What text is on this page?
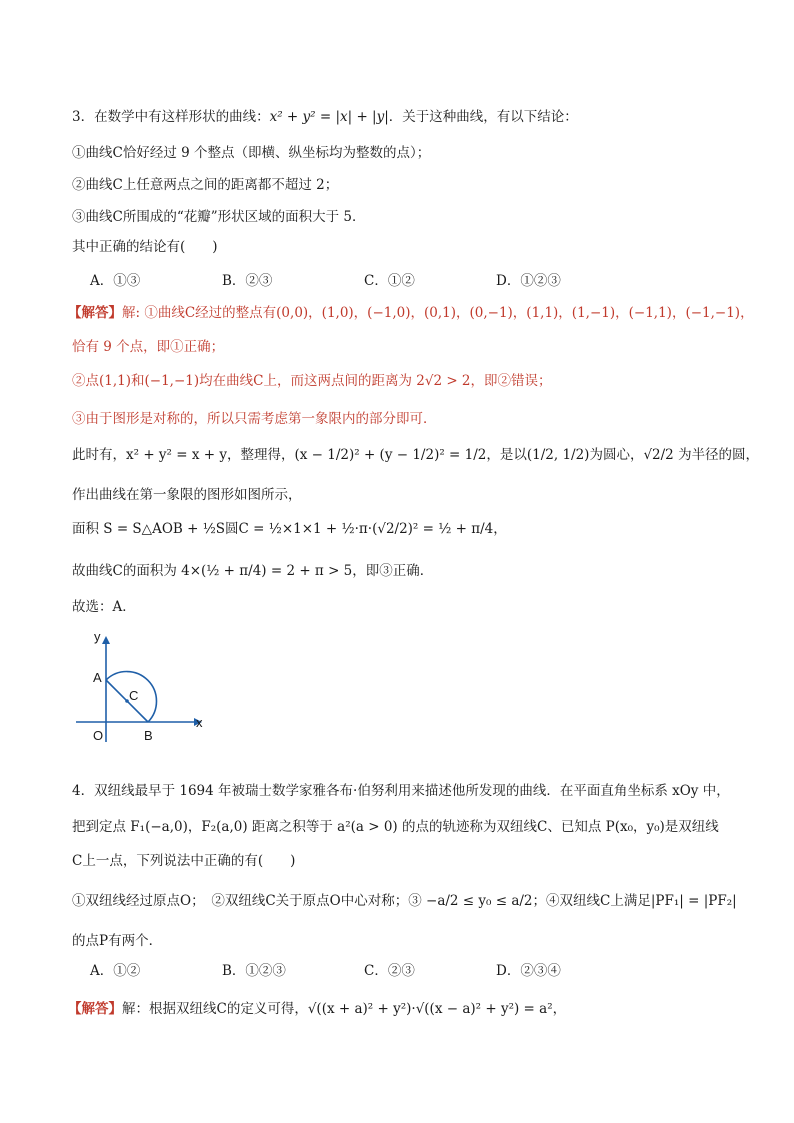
3．在数学中有这样形状的曲线：x² + y² = |x| + |y|．关于这种曲线，有以下结论：
①曲线C恰好经过 9 个整点（即横、纵坐标均为整数的点）；
②曲线C上任意两点之间的距离都不超过 2；
③曲线C所围成的“花瓣”形状区域的面积大于 5．
其中正确的结论有(　　)
A．①③	B．②③	C．①②	D．①②③
【解答】解: ①曲线C经过的整点有(0,0)，(1,0)，(−1,0)，(0,1)，(0,−1)，(1,1)，(1,−1)，(−1,1)，(−1,−1)，
恰有 9 个点，即①正确；
②点(1,1)和(−1,−1)均在曲线C上，而这两点间的距离为 2√2 > 2，即②错误；
③由于图形是对称的，所以只需考虑第一象限内的部分即可．
此时有，x² + y² = x + y，整理得，(x − 1/2)² + (y − 1/2)² = 1/2，是以(1/2, 1/2)为圆心，√2/2 为半径的圆，
作出曲线在第一象限的图形如图所示，
面积 S = S△AOB + ½S圆C = ½×1×1 + ½·π·(√2/2)² = ½ + π/4，
故曲线C的面积为 4×(½ + π/4) = 2 + π > 5，即③正确．
故选：A．
y
x
A
O	B
C
4．双纽线最早于 1694 年被瑞士数学家雅各布·伯努利用来描述他所发现的曲线．在平面直角坐标系 xOy 中，
把到定点 F₁(−a,0)，F₂(a,0) 距离之积等于 a²(a > 0) 的点的轨迹称为双纽线C、已知点 P(x₀，y₀)是双纽线
C上一点，下列说法中正确的有(　　)
①双纽线经过原点O；　②双纽线C关于原点O中心对称；③ −a/2 ≤ y₀ ≤ a/2；④双纽线C上满足|PF₁| = |PF₂|
的点P有两个．
A．①②	B．①②③	C．②③	D．②③④
【解答】解：根据双纽线C的定义可得，√((x + a)² + y²)·√((x − a)² + y²) = a²，
